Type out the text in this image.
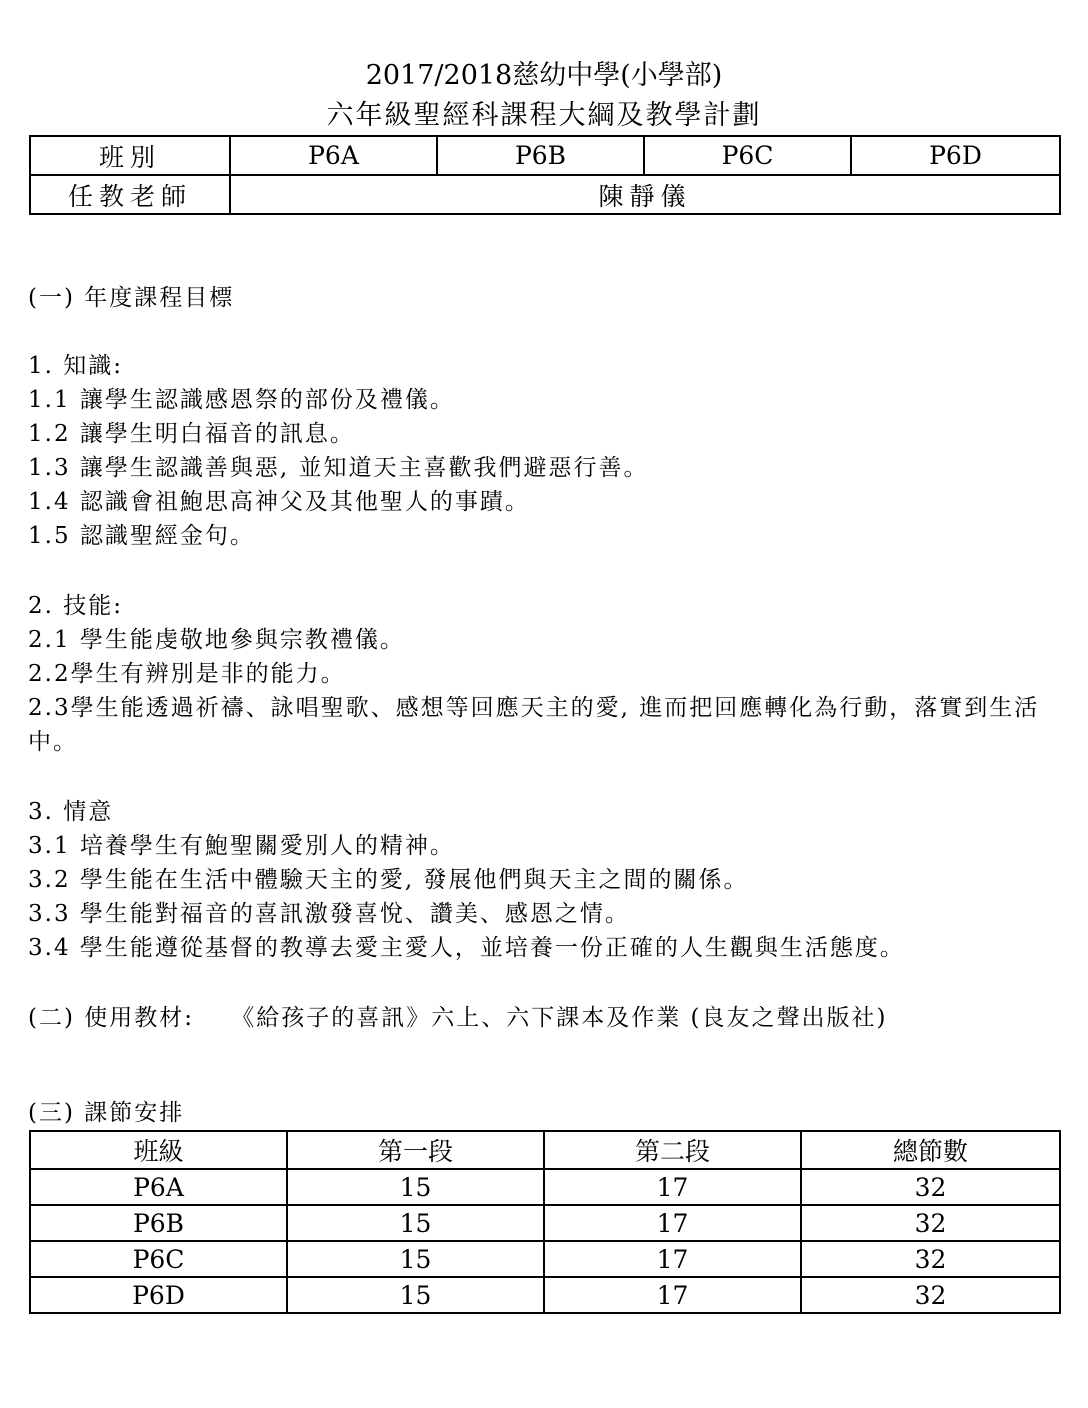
2017/2018慈幼中學(小學部)
六年級聖經科課程大綱及教學計劃
班別	P6A	P6B	P6C	P6D
任教老師	陳靜儀			
(一) 年度課程目標
1. 知識:
1.1 讓學生認識感恩祭的部份及禮儀。
1.2 讓學生明白福音的訊息。
1.3 讓學生認識善與惡, 並知道天主喜歡我們避惡行善。
1.4 認識會祖鮑思高神父及其他聖人的事蹟。
1.5 認識聖經金句。
2. 技能:
2.1 學生能虔敬地參與宗教禮儀。
2.2學生有辨別是非的能力。
2.3學生能透過祈禱、詠唱聖歌、感想等回應天主的愛, 進而把回應轉化為行動，落實到生活中。
3. 情意
3.1 培養學生有鮑聖關愛別人的精神。
3.2 學生能在生活中體驗天主的愛, 發展他們與天主之間的關係。
3.3 學生能對福音的喜訊激發喜悅、讚美、感恩之情。
3.4 學生能遵從基督的教導去愛主愛人，並培養一份正確的人生觀與生活態度。
(二) 使用教材:    《給孩子的喜訊》六上、六下課本及作業 (良友之聲出版社)
(三) 課節安排
班級	第一段	第二段	總節數
P6A	15	17	32
P6B	15	17	32
P6C	15	17	32
P6D	15	17	32
